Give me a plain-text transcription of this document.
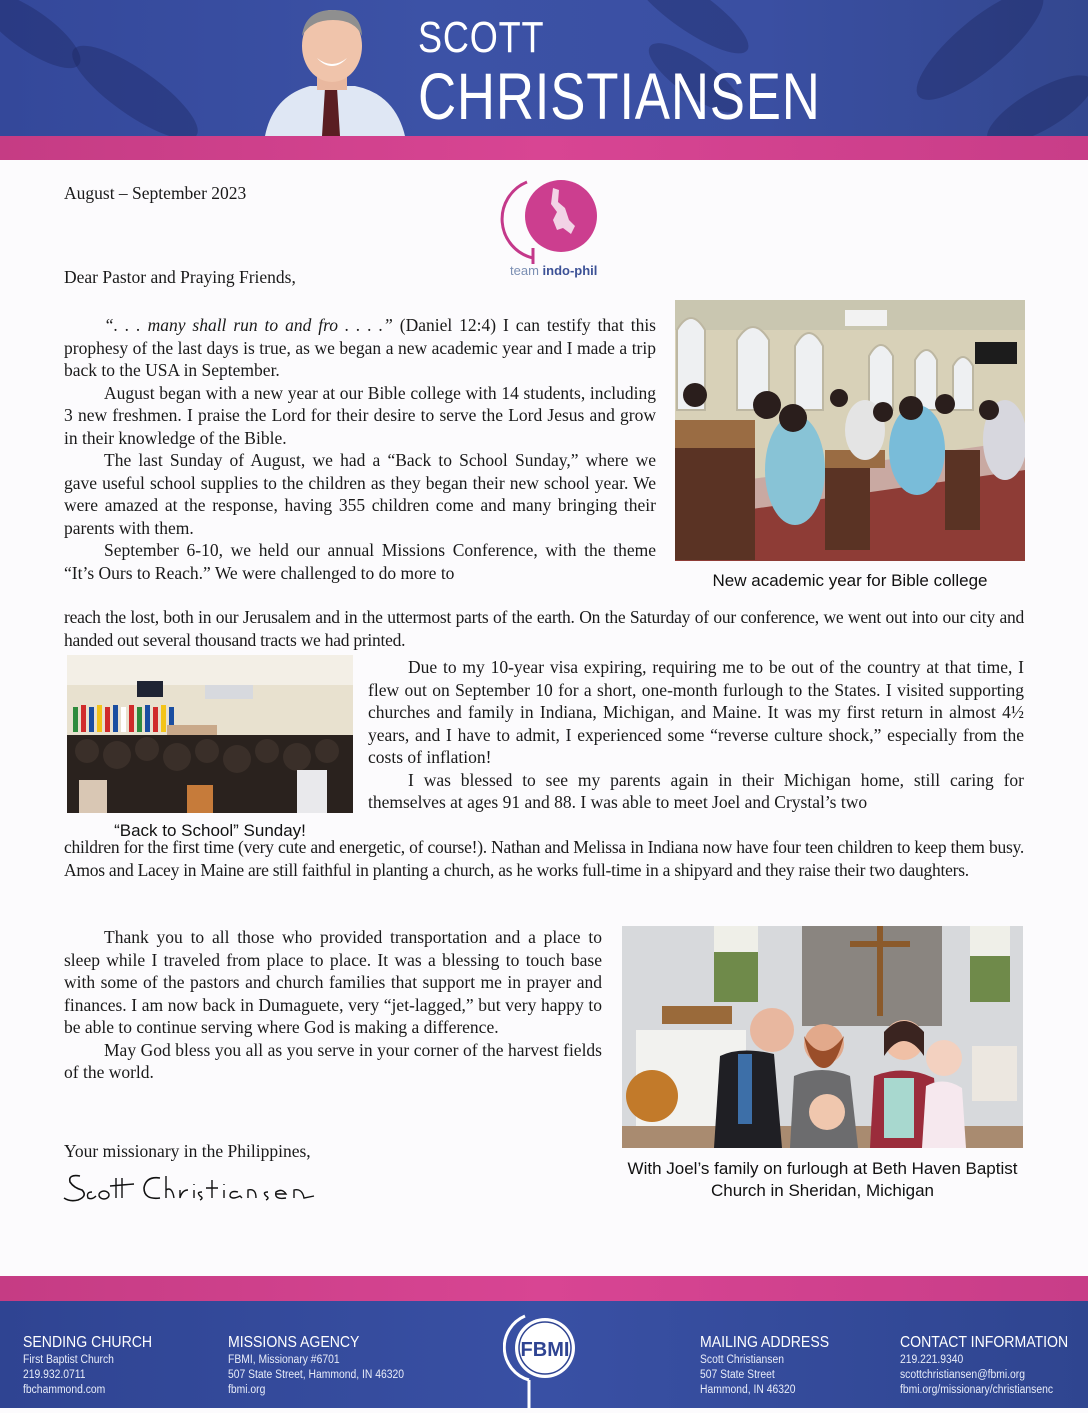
SCOTT
CHRISTIANSEN
team indo-phil
August – September 2023
Dear Pastor and Praying Friends,

“. . . many shall run to and fro . . . .” (Daniel 12:4) I can testify that this prophesy of the last days is true, as we began a new academic year and I made a trip back to the USA in September.

August began with a new year at our Bible college with 14 students, including 3 new freshmen. I praise the Lord for their desire to serve the Lord Jesus and grow in their knowledge of the Bible.

The last Sunday of August, we had a “Back to School Sunday,” where we gave useful school supplies to the children as they began their new school year. We were amazed at the response, having 355 children come and many bringing their parents with them.

September 6-10, we held our annual Missions Conference, with the theme “It’s Ours to Reach.” We were challenged to do more to

reach the lost, both in our Jerusalem and in the uttermost parts of the earth. On the Saturday of our conference, we went out into our city and handed out several thousand tracts we had printed.

Due to my 10-year visa expiring, requiring me to be out of the country at that time, I flew out on September 10 for a short, one-month furlough to the States. I visited supporting churches and family in Indiana, Michigan, and Maine. It was my first return in almost 4½ years, and I have to admit, I experienced some “reverse culture shock,” especially from the costs of inflation!

I was blessed to see my parents again in their Michigan home, still caring for themselves at ages 91 and 88. I was able to meet Joel and Crystal’s two

children for the first time (very cute and energetic, of course!). Nathan and Melissa in Indiana now have four teen children to keep them busy. Amos and Lacey in Maine are still faithful in planting a church, as he works full-time in a shipyard and they raise their two daughters.

Thank you to all those who provided transportation and a place to sleep while I traveled from place to place. It was a blessing to touch base with some of the pastors and church families that support me in prayer and finances. I am now back in Dumaguete, very “jet-lagged,” but very happy to be able to continue serving where God is making a difference.

May God bless you all as you serve in your corner of the harvest fields of the world.

Your missionary in the Philippines,
New academic year for Bible college
“Back to School” Sunday!
With Joel’s family on furlough at Beth Haven Baptist Church in Sheridan, Michigan
SENDING CHURCH
First Baptist Church
219.932.0711
fbchammond.com
MISSIONS AGENCY
FBMI, Missionary #6701
507 State Street, Hammond, IN 46320
fbmi.org
FBMI	MAILING ADDRESS
Scott Christiansen
507 State Street
Hammond, IN 46320
CONTACT INFORMATION
219.221.9340
scottchristiansen@fbmi.org
fbmi.org/missionary/christiansenc
